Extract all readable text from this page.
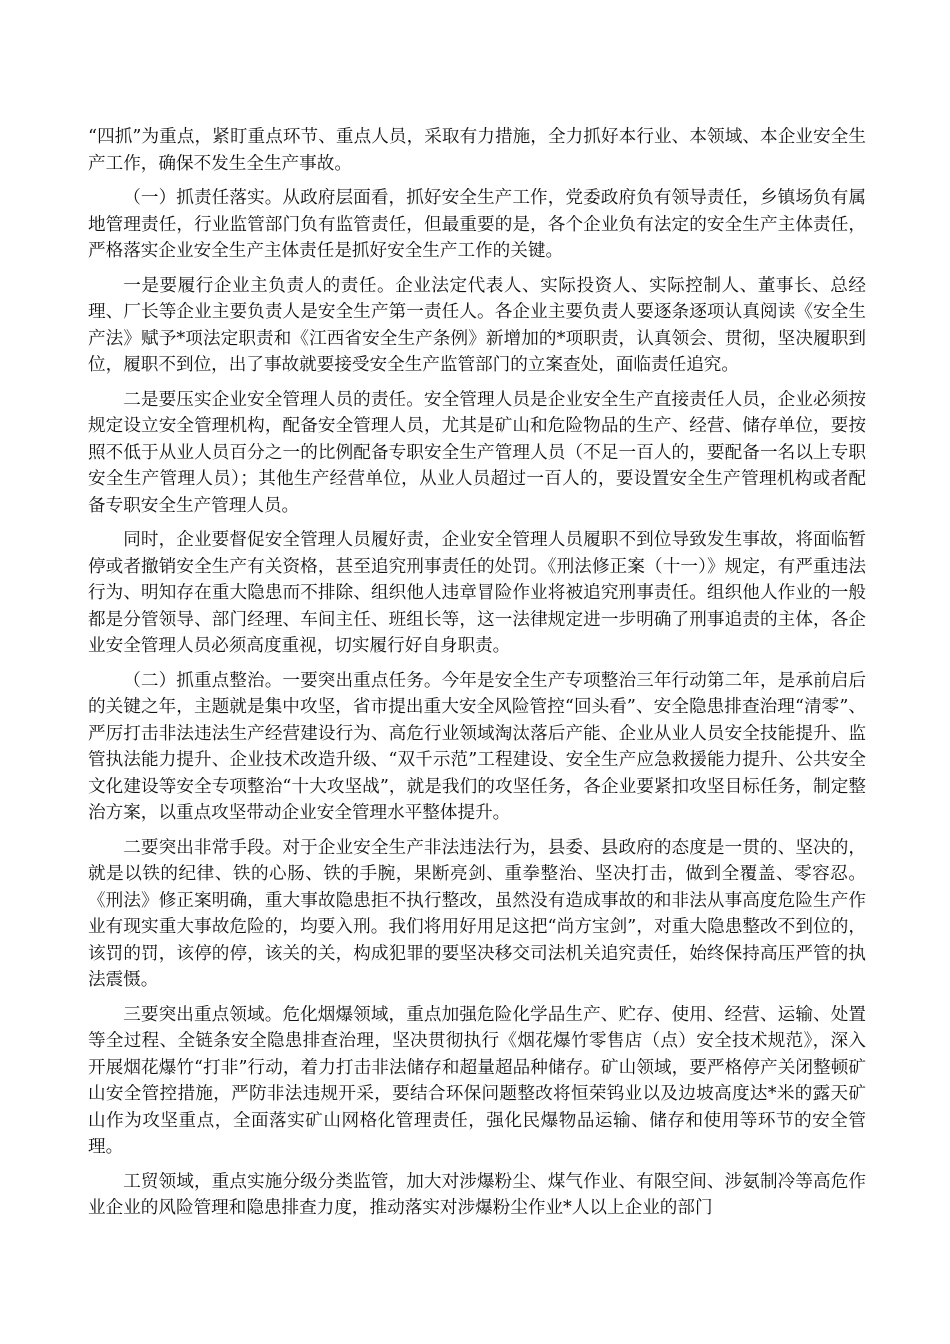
“四抓”为重点，紧盯重点环节、重点人员，采取有力措施，全力抓好本行业、本领域、本企业安全生产工作，确保不发生全生产事故。

（一）抓责任落实。从政府层面看，抓好安全生产工作，党委政府负有领导责任，乡镇场负有属地管理责任，行业监管部门负有监管责任，但最重要的是，各个企业负有法定的安全生产主体责任，严格落实企业安全生产主体责任是抓好安全生产工作的关键。

一是要履行企业主负责人的责任。企业法定代表人、实际投资人、实际控制人、董事长、总经理、厂长等企业主要负责人是安全生产第一责任人。各企业主要负责人要逐条逐项认真阅读《安全生产法》赋予*项法定职责和《江西省安全生产条例》新增加的*项职责，认真领会、贯彻，坚决履职到位，履职不到位，出了事故就要接受安全生产监管部门的立案查处，面临责任追究。

二是要压实企业安全管理人员的责任。安全管理人员是企业安全生产直接责任人员，企业必须按规定设立安全管理机构，配备安全管理人员，尤其是矿山和危险物品的生产、经营、储存单位，要按照不低于从业人员百分之一的比例配备专职安全生产管理人员（不足一百人的，要配备一名以上专职安全生产管理人员）；其他生产经营单位，从业人员超过一百人的，要设置安全生产管理机构或者配备专职安全生产管理人员。

同时，企业要督促安全管理人员履好责，企业安全管理人员履职不到位导致发生事故，将面临暂停或者撤销安全生产有关资格，甚至追究刑事责任的处罚。《刑法修正案（十一）》规定，有严重违法行为、明知存在重大隐患而不排除、组织他人违章冒险作业将被追究刑事责任。组织他人作业的一般都是分管领导、部门经理、车间主任、班组长等，这一法律规定进一步明确了刑事追责的主体，各企业安全管理人员必须高度重视，切实履行好自身职责。

（二）抓重点整治。一要突出重点任务。今年是安全生产专项整治三年行动第二年，是承前启后的关键之年，主题就是集中攻坚，省市提出重大安全风险管控“回头看”、安全隐患排查治理“清零”、严厉打击非法违法生产经营建设行为、高危行业领域淘汰落后产能、企业从业人员安全技能提升、监管执法能力提升、企业技术改造升级、“双千示范”工程建设、安全生产应急救援能力提升、公共安全文化建设等安全专项整治“十大攻坚战”，就是我们的攻坚任务，各企业要紧扣攻坚目标任务，制定整治方案，以重点攻坚带动企业安全管理水平整体提升。

二要突出非常手段。对于企业安全生产非法违法行为，县委、县政府的态度是一贯的、坚决的，就是以铁的纪律、铁的心肠、铁的手腕，果断亮剑、重拳整治、坚决打击，做到全覆盖、零容忍。《刑法》修正案明确，重大事故隐患拒不执行整改，虽然没有造成事故的和非法从事高度危险生产作业有现实重大事故危险的，均要入刑。我们将用好用足这把“尚方宝剑”，对重大隐患整改不到位的，该罚的罚，该停的停，该关的关，构成犯罪的要坚决移交司法机关追究责任，始终保持高压严管的执法震慑。

三要突出重点领域。危化烟爆领域，重点加强危险化学品生产、贮存、使用、经营、运输、处置等全过程、全链条安全隐患排查治理，坚决贯彻执行《烟花爆竹零售店（点）安全技术规范》，深入开展烟花爆竹“打非”行动，着力打击非法储存和超量超品种储存。矿山领域，要严格停产关闭整顿矿山安全管控措施，严防非法违规开采，要结合环保问题整改将恒荣钨业以及边坡高度达*米的露天矿山作为攻坚重点，全面落实矿山网格化管理责任，强化民爆物品运输、储存和使用等环节的安全管理。

工贸领域，重点实施分级分类监管，加大对涉爆粉尘、煤气作业、有限空间、涉氨制冷等高危作业企业的风险管理和隐患排查力度，推动落实对涉爆粉尘作业*人以上企业的部门
